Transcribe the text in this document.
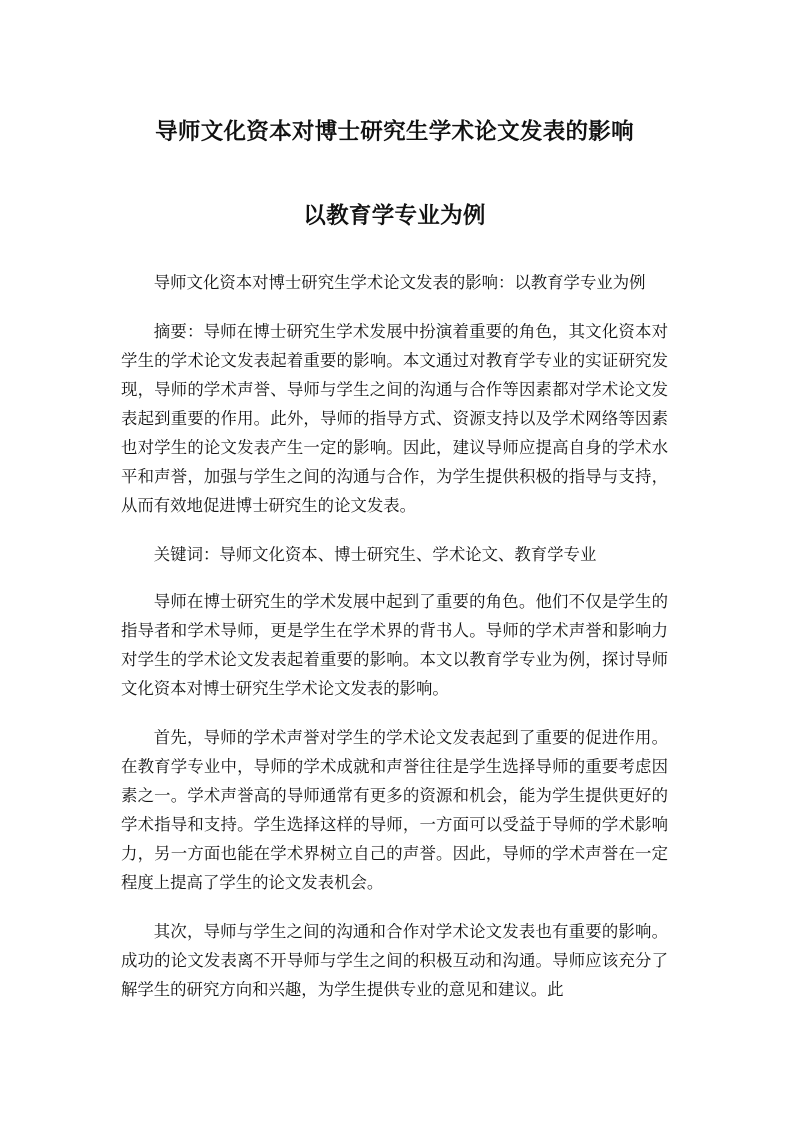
导师文化资本对博士研究生学术论文发表的影响
以教育学专业为例

导师文化资本对博士研究生学术论文发表的影响：以教育学专业为例

摘要：导师在博士研究生学术发展中扮演着重要的角色，其文化资本对学生的学术论文发表起着重要的影响。本文通过对教育学专业的实证研究发现，导师的学术声誉、导师与学生之间的沟通与合作等因素都对学术论文发表起到重要的作用。此外，导师的指导方式、资源支持以及学术网络等因素也对学生的论文发表产生一定的影响。因此，建议导师应提高自身的学术水平和声誉，加强与学生之间的沟通与合作，为学生提供积极的指导与支持，从而有效地促进博士研究生的论文发表。

关键词：导师文化资本、博士研究生、学术论文、教育学专业

导师在博士研究生的学术发展中起到了重要的角色。他们不仅是学生的指导者和学术导师，更是学生在学术界的背书人。导师的学术声誉和影响力对学生的学术论文发表起着重要的影响。本文以教育学专业为例，探讨导师文化资本对博士研究生学术论文发表的影响。

首先，导师的学术声誉对学生的学术论文发表起到了重要的促进作用。在教育学专业中，导师的学术成就和声誉往往是学生选择导师的重要考虑因素之一。学术声誉高的导师通常有更多的资源和机会，能为学生提供更好的学术指导和支持。学生选择这样的导师，一方面可以受益于导师的学术影响力，另一方面也能在学术界树立自己的声誉。因此，导师的学术声誉在一定程度上提高了学生的论文发表机会。

其次，导师与学生之间的沟通和合作对学术论文发表也有重要的影响。成功的论文发表离不开导师与学生之间的积极互动和沟通。导师应该充分了解学生的研究方向和兴趣，为学生提供专业的意见和建议。此
